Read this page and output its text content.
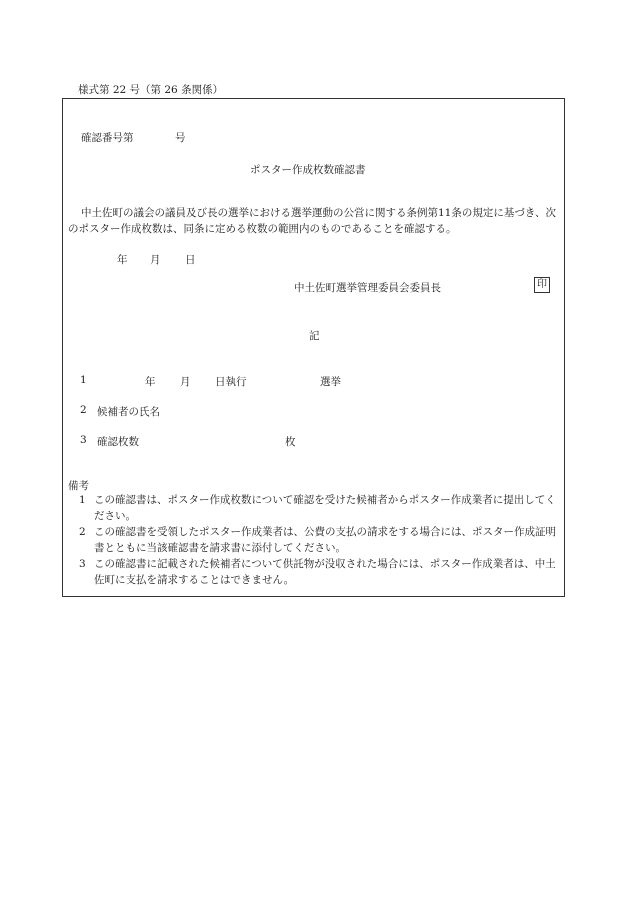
様式第 22 号（第 26 条関係）
確認番号第	号
ポスター作成枚数確認書
中土佐町の議会の議員及び長の選挙における選挙運動の公営に関する条例第11条の規定に基づき、次のポスター作成枚数は、同条に定める枚数の範囲内のものであることを確認する。
年 月 日
中土佐町選挙管理委員会委員長	印
記
1	年 月 日執行	選挙
2 候補者の氏名
3 確認枚数	枚
備考
1 この確認書は、ポスター作成枚数について確認を受けた候補者からポスター作成業者に提出してください。
2 この確認書を受領したポスター作成業者は、公費の支払の請求をする場合には、ポスター作成証明書とともに当該確認書を請求書に添付してください。
3 この確認書に記載された候補者について供託物が没収された場合には、ポスター作成業者は、中土佐町に支払を請求することはできません。
